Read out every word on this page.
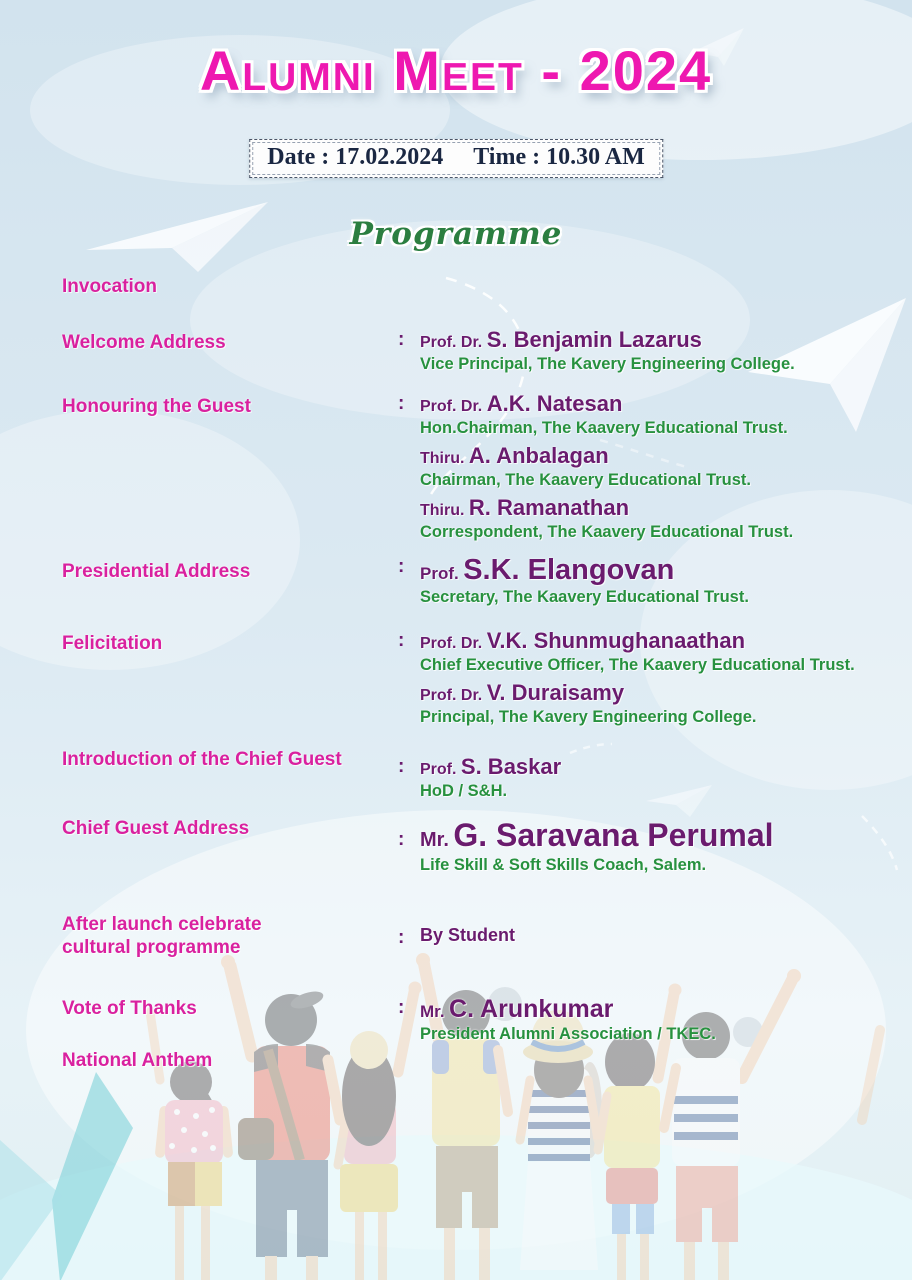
Alumni Meet - 2024
Date : 17.02.2024 Time : 10.30 AM
Programme
Invocation
Welcome Address
Honouring the Guest
Presidential Address
Felicitation
Introduction of the Chief Guest
Chief Guest Address
After launch celebrate cultural programme
Vote of Thanks
National Anthem
: Prof. Dr. S. Benjamin Lazarus
Vice Principal, The Kavery Engineering College.
: Prof. Dr. A.K. Natesan
Hon.Chairman, The Kaavery Educational Trust.
Thiru. A. Anbalagan
Chairman, The Kaavery Educational Trust.
Thiru. R. Ramanathan
Correspondent, The Kaavery Educational Trust.
: Prof. S.K. Elangovan
Secretary, The Kaavery Educational Trust.
: Prof. Dr. V.K. Shunmughanaathan
Chief Executive Officer, The Kaavery Educational Trust.
Prof. Dr. V. Duraisamy
Principal, The Kavery Engineering College.
: Prof. S. Baskar
HoD / S&H.
: Mr. G. Saravana Perumal
Life Skill & Soft Skills Coach, Salem.
: By Student
: Mr. C. Arunkumar
President Alumni Association / TKEC.
